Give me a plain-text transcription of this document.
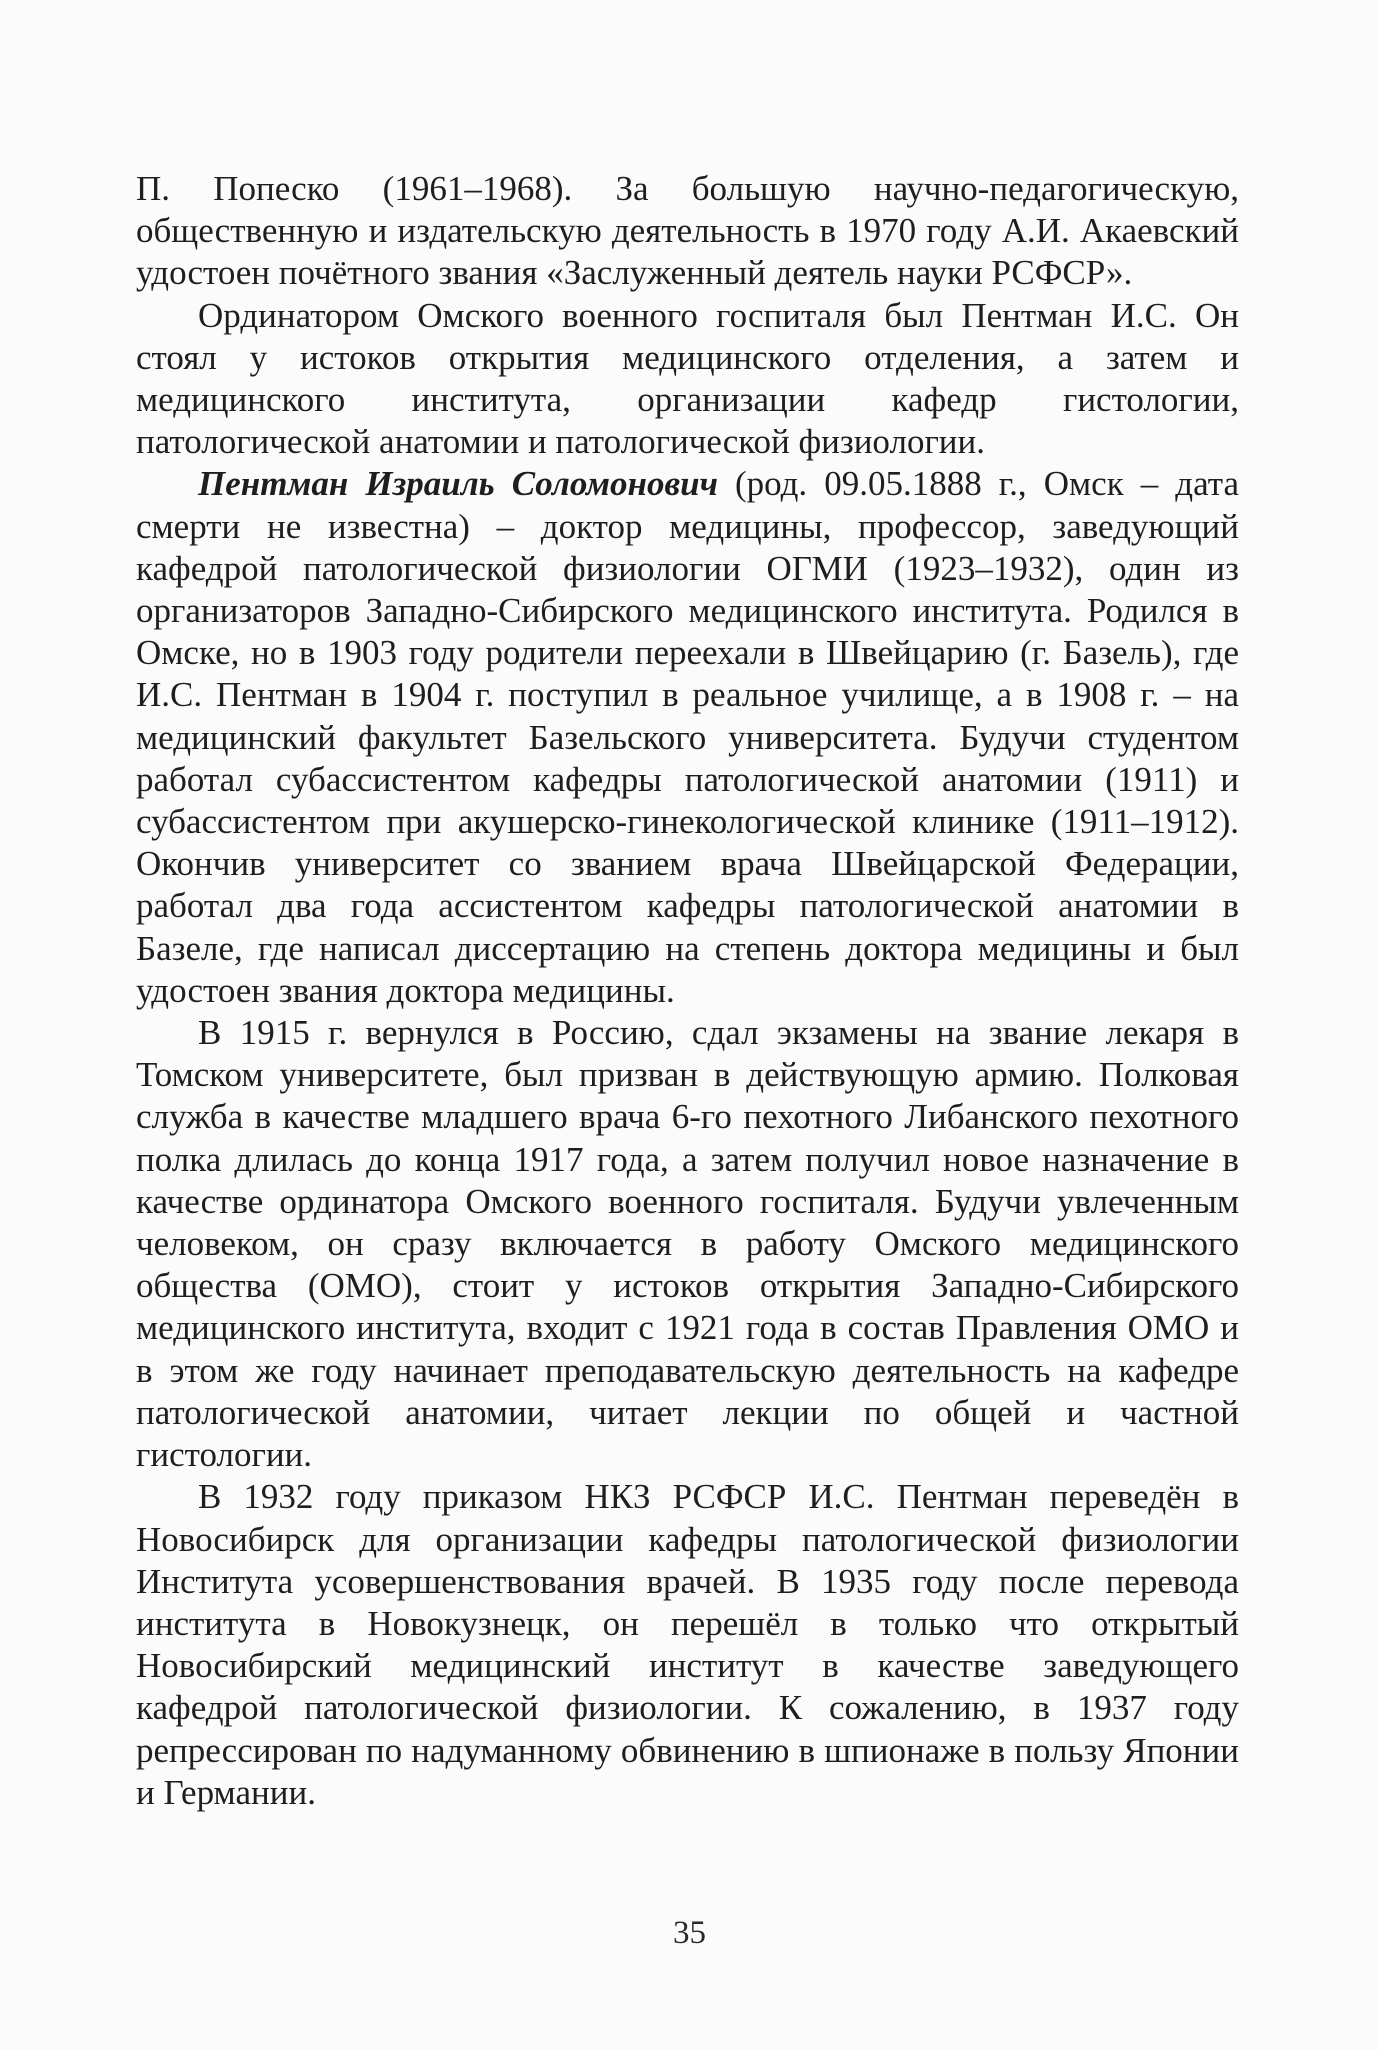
П. Попеско (1961–1968). За большую научно-педагогическую, общественную и издательскую деятельность в 1970 году А.И. Акаевский удостоен почётного звания «Заслуженный деятель науки РСФСР».

Ординатором Омского военного госпиталя был Пентман И.С. Он стоял у истоков открытия медицинского отделения, а затем и медицинского института, организации кафедр гистологии, патологической анатомии и патологической физиологии.

Пентман Израиль Соломонович (род. 09.05.1888 г., Омск – дата смерти не известна) – доктор медицины, профессор, заведующий кафедрой патологической физиологии ОГМИ (1923–1932), один из организаторов Западно-Сибирского медицинского института. Родился в Омске, но в 1903 году родители переехали в Швейцарию (г. Базель), где И.С. Пентман в 1904 г. поступил в реальное училище, а в 1908 г. – на медицинский факультет Базельского университета. Будучи студентом работал субассистентом кафедры патологической анатомии (1911) и субассистентом при акушерско-гинекологической клинике (1911–1912). Окончив университет со званием врача Швейцарской Федерации, работал два года ассистентом кафедры патологической анатомии в Базеле, где написал диссертацию на степень доктора медицины и был удостоен звания доктора медицины.

В 1915 г. вернулся в Россию, сдал экзамены на звание лекаря в Томском университете, был призван в действующую армию. Полковая служба в качестве младшего врача 6-го пехотного Либанского пехотного полка длилась до конца 1917 года, а затем получил новое назначение в качестве ординатора Омского военного госпиталя. Будучи увлеченным человеком, он сразу включается в работу Омского медицинского общества (ОМО), стоит у истоков открытия Западно-Сибирского медицинского института, входит с 1921 года в состав Правления ОМО и в этом же году начинает преподавательскую деятельность на кафедре патологической анатомии, читает лекции по общей и частной гистологии.

В 1932 году приказом НКЗ РСФСР И.С. Пентман переведён в Новосибирск для организации кафедры патологической физиологии Института усовершенствования врачей. В 1935 году после перевода института в Новокузнецк, он перешёл в только что открытый Новосибирский медицинский институт в качестве заведующего кафедрой патологической физиологии. К сожалению, в 1937 году репрессирован по надуманному обвинению в шпионаже в пользу Японии и Германии.

35
